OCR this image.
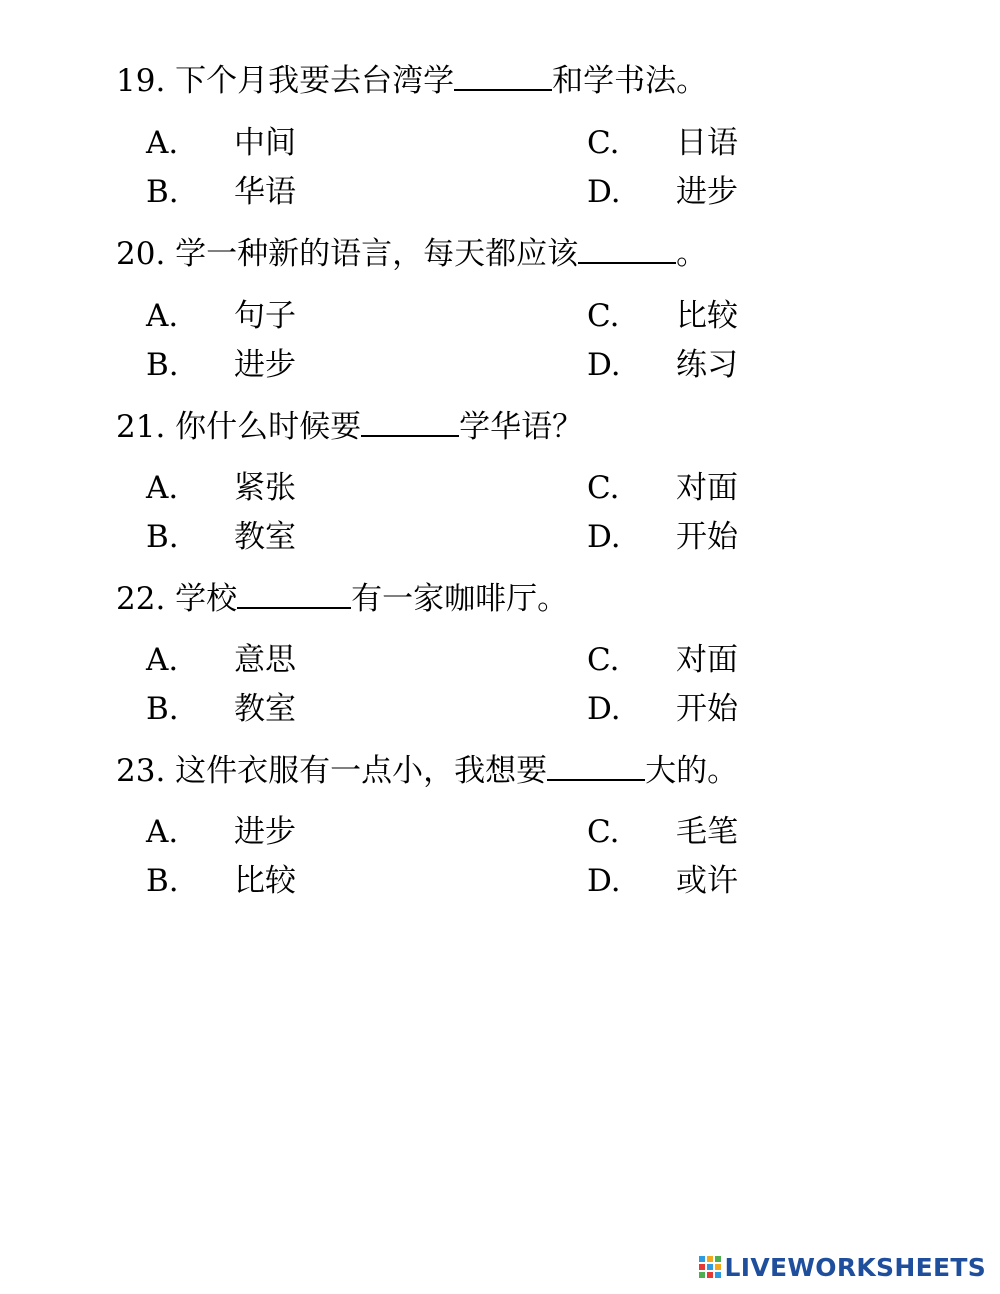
19. 下个月我要去台湾学	和学书法。
A. 中间
B. 华语
C. 日语
D. 进步
20. 学一种新的语言，每天都应该	。
A. 句子
B. 进步
C. 比较
D. 练习
21. 你什么时候要	学华语？
A. 紧张
B. 教室
C. 对面
D. 开始
22. 学校	有一家咖啡厅。
A. 意思
B. 教室
C. 对面
D. 开始
23. 这件衣服有一点小，我想要	大的。
A. 进步
B. 比较
C. 毛笔
D. 或许
LIVEWORKSHEETS
